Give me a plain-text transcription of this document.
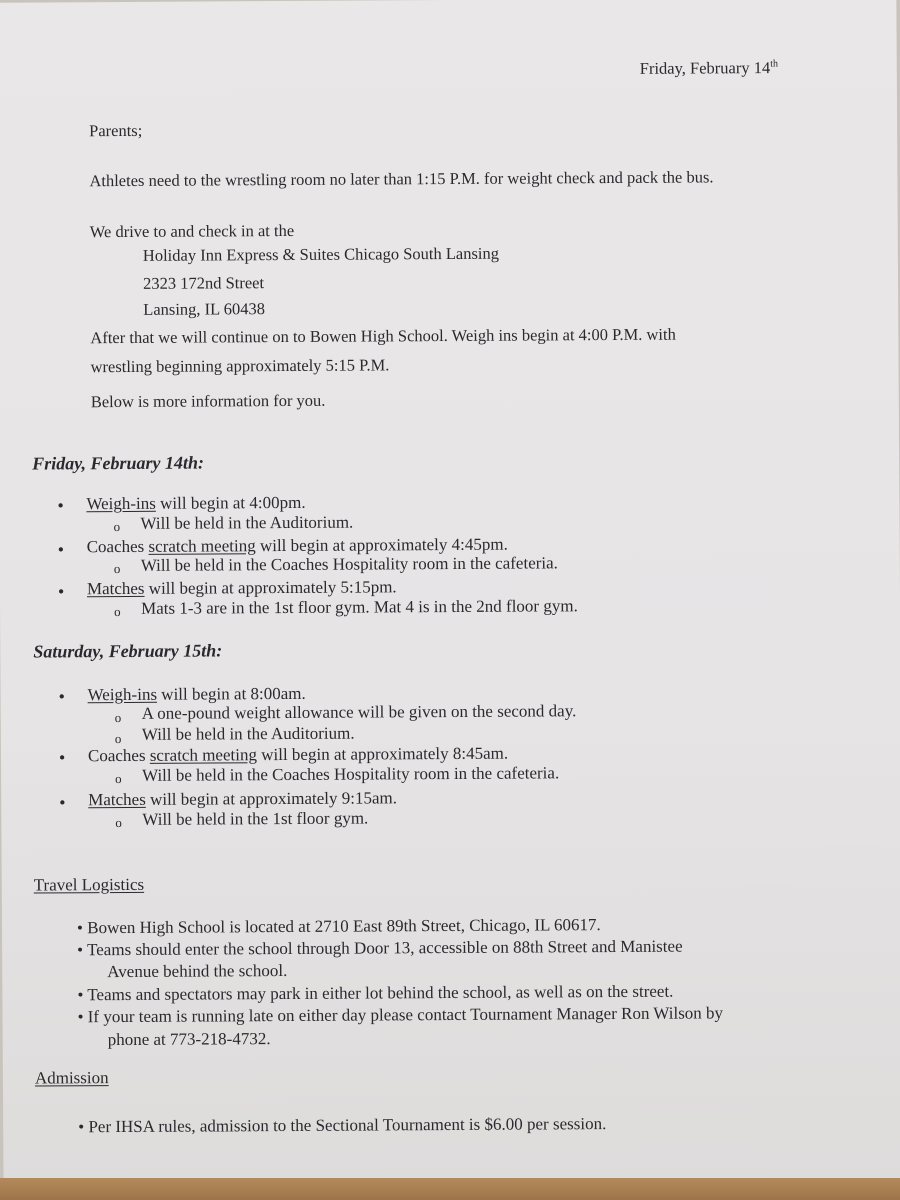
Friday, February 14th
Parents;
Athletes need to the wrestling room no later than 1:15 P.M. for weight check and pack the bus.
We drive to and check in at the
Holiday Inn Express & Suites Chicago South Lansing
2323 172nd Street
Lansing, IL 60438
After that we will continue on to Bowen High School. Weigh ins begin at 4:00 P.M. with
wrestling beginning approximately 5:15 P.M.
Below is more information for you.
Friday, February 14th:
• Weigh-ins will begin at 4:00pm.
o Will be held in the Auditorium.
• Coaches scratch meeting will begin at approximately 4:45pm.
o Will be held in the Coaches Hospitality room in the cafeteria.
• Matches will begin at approximately 5:15pm.
o Mats 1-3 are in the 1st floor gym. Mat 4 is in the 2nd floor gym.
Saturday, February 15th:
• Weigh-ins will begin at 8:00am.
o A one-pound weight allowance will be given on the second day.
o Will be held in the Auditorium.
• Coaches scratch meeting will begin at approximately 8:45am.
o Will be held in the Coaches Hospitality room in the cafeteria.
• Matches will begin at approximately 9:15am.
o Will be held in the 1st floor gym.
Travel Logistics
• Bowen High School is located at 2710 East 89th Street, Chicago, IL 60617.
• Teams should enter the school through Door 13, accessible on 88th Street and Manistee
Avenue behind the school.
• Teams and spectators may park in either lot behind the school, as well as on the street.
• If your team is running late on either day please contact Tournament Manager Ron Wilson by
phone at 773-218-4732.
Admission
• Per IHSA rules, admission to the Sectional Tournament is $6.00 per session.
